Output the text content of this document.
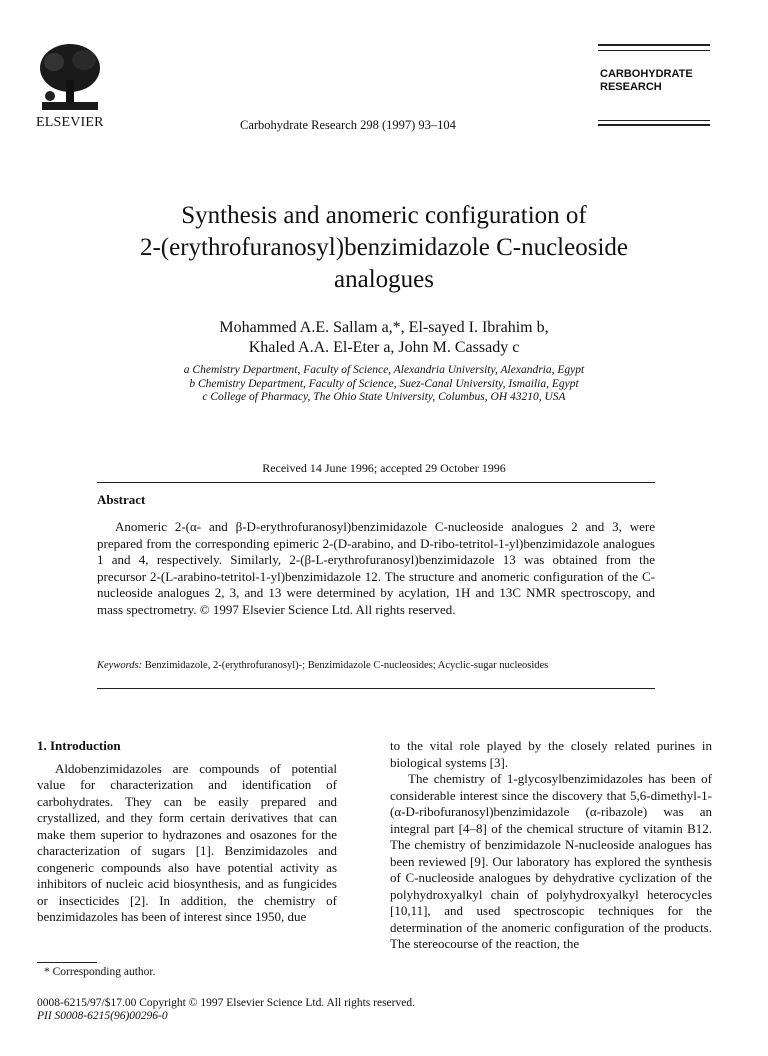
ELSEVIER	Carbohydrate Research 298 (1997) 93–104
CARBOHYDRATE
RESEARCH
Synthesis and anomeric configuration of
2-(erythrofuranosyl)benzimidazole C-nucleoside
analogues
Mohammed A.E. Sallam a,*, El-sayed I. Ibrahim b,
Khaled A.A. El-Eter a, John M. Cassady c
a Chemistry Department, Faculty of Science, Alexandria University, Alexandria, Egypt
b Chemistry Department, Faculty of Science, Suez-Canal University, Ismailia, Egypt
c College of Pharmacy, The Ohio State University, Columbus, OH 43210, USA
Received 14 June 1996; accepted 29 October 1996
Abstract
Anomeric 2-(α- and β-D-erythrofuranosyl)benzimidazole C-nucleoside analogues 2 and 3, were prepared from the corresponding epimeric 2-(D-arabino, and D-ribo-tetritol-1-yl)benzimidazole analogues 1 and 4, respectively. Similarly, 2-(β-L-erythrofuranosyl)benzimidazole 13 was obtained from the precursor 2-(L-arabino-tetritol-1-yl)benzimidazole 12. The structure and anomeric configuration of the C-nucleoside analogues 2, 3, and 13 were determined by acylation, 1H and 13C NMR spectroscopy, and mass spectrometry. © 1997 Elsevier Science Ltd. All rights reserved.
Keywords: Benzimidazole, 2-(erythrofuranosyl)-; Benzimidazole C-nucleosides; Acyclic-sugar nucleosides
1. Introduction

Aldobenzimidazoles are compounds of potential value for characterization and identification of carbohydrates. They can be easily prepared and crystallized, and they form certain derivatives that can make them superior to hydrazones and osazones for the characterization of sugars [1]. Benzimidazoles and congeneric compounds also have potential activity as inhibitors of nucleic acid biosynthesis, and as fungicides or insecticides [2]. In addition, the chemistry of benzimidazoles has been of interest since 1950, due

to the vital role played by the closely related purines in biological systems [3].

The chemistry of 1-glycosylbenzimidazoles has been of considerable interest since the discovery that 5,6-dimethyl-1-(α-D-ribofuranosyl)benzimidazole (α-ribazole) was an integral part [4–8] of the chemical structure of vitamin B12. The chemistry of benzimidazole N-nucleoside analogues has been reviewed [9]. Our laboratory has explored the synthesis of C-nucleoside analogues by dehydrative cyclization of the polyhydroxyalkyl chain of polyhydroxyalkyl heterocycles [10,11], and used spectroscopic techniques for the determination of the anomeric configuration of the products. The stereocourse of the reaction, the

* Corresponding author.
0008-6215/97/$17.00 Copyright © 1997 Elsevier Science Ltd. All rights reserved.
PII S0008-6215(96)00296-0
